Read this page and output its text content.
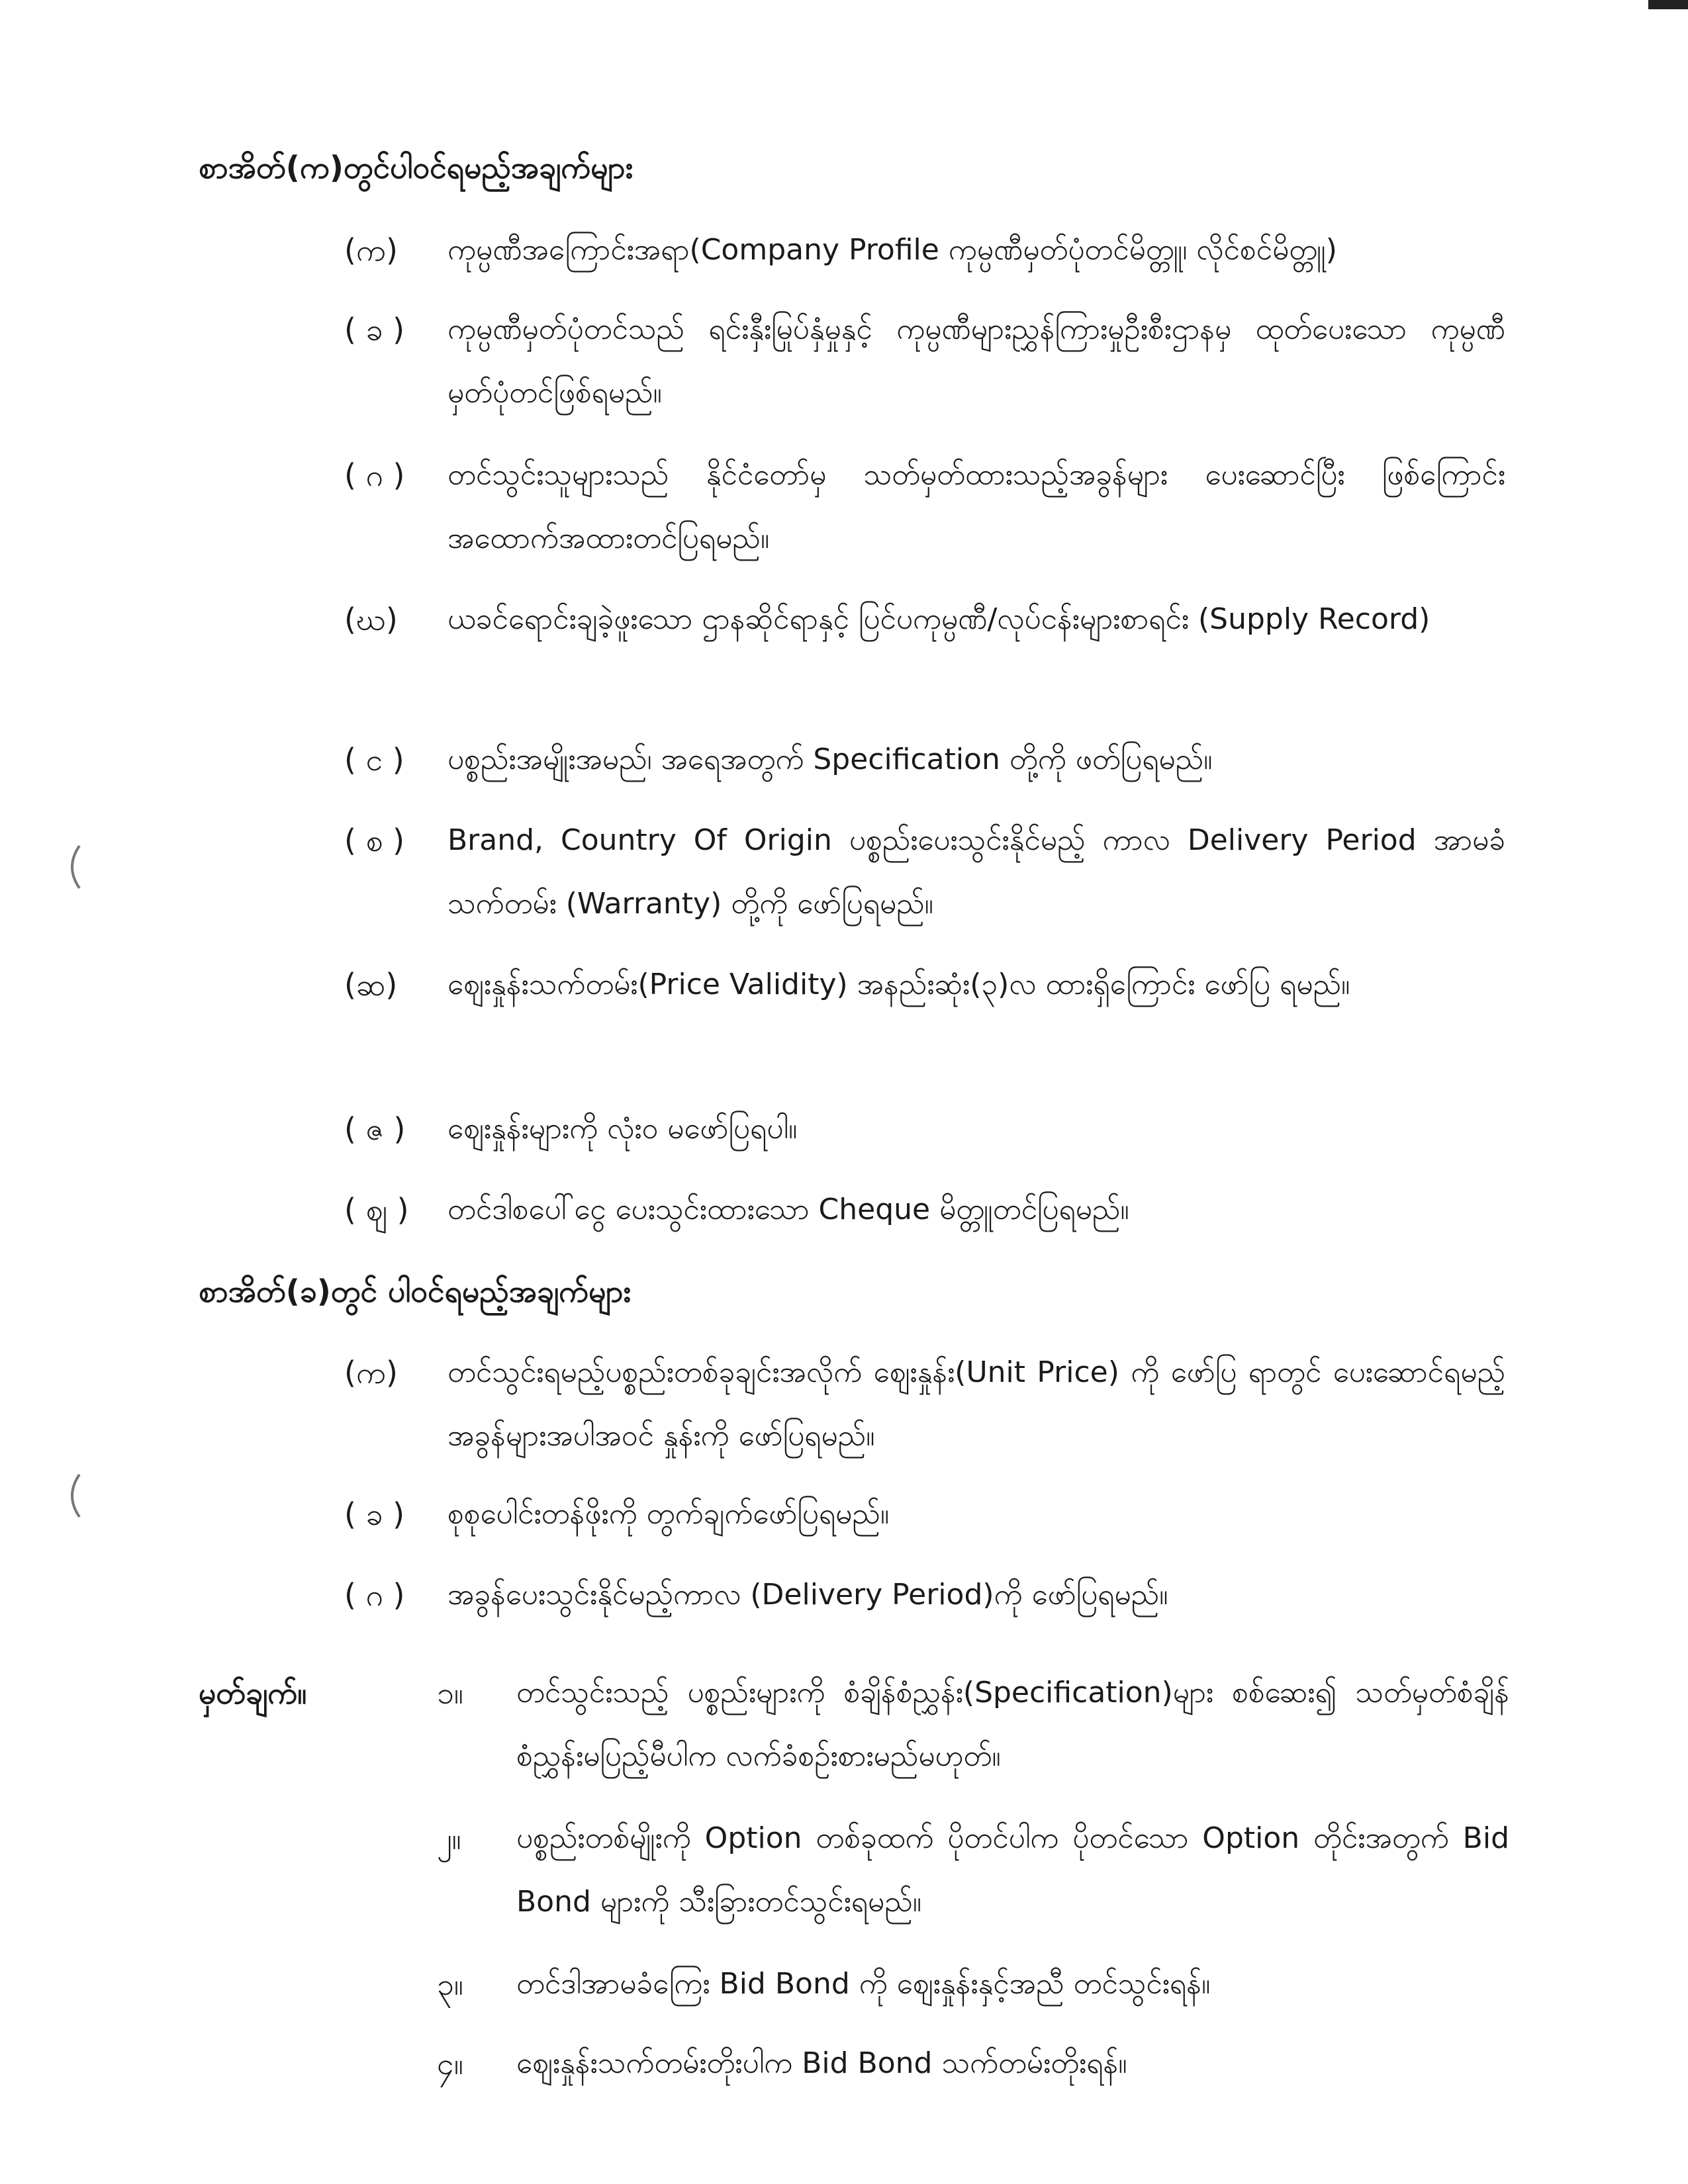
စာအိတ်(က)တွင်ပါဝင်ရမည့်အချက်များ
(က)	ကုမ္ပဏီအကြောင်းအရာ(Company Profile ကုမ္ပဏီမှတ်ပုံတင်မိတ္တူ၊ လိုင်စင်မိတ္တူ)
( ခ )	ကုမ္ပဏီမှတ်ပုံတင်သည် ရင်းနှီးမြုပ်နှံမှုနှင့် ကုမ္ပဏီများညွှန်ကြားမှုဦးစီးဌာနမှ ထုတ်ပေးသော ကုမ္ပဏီမှတ်ပုံတင်ဖြစ်ရမည်။
( ဂ )	တင်သွင်းသူများသည် နိုင်ငံတော်မှ သတ်မှတ်ထားသည့်အခွန်များ ပေးဆောင်ပြီး ဖြစ်ကြောင်း အထောက်အထားတင်ပြရမည်။
(ဃ)	ယခင်ရောင်းချခဲ့ဖူးသော ဌာနဆိုင်ရာနှင့် ပြင်ပကုမ္ပဏီ/လုပ်ငန်းများစာရင်း (Supply Record)
( င )	ပစ္စည်းအမျိုးအမည်၊ အရေအတွက် Specification တို့ကို ဖတ်ပြရမည်။
( စ )	Brand, Country Of Origin ပစ္စည်းပေးသွင်းနိုင်မည့် ကာလ Delivery Period အာမခံသက်တမ်း (Warranty) တို့ကို ဖော်ပြရမည်။
(ဆ)	ဈေးနှုန်းသက်တမ်း(Price Validity) အနည်းဆုံး(၃)လ ထားရှိကြောင်း ဖော်ပြ ရမည်။
( ဇ )	ဈေးနှုန်းများကို လုံးဝ မဖော်ပြရပါ။
( ဈ )	တင်ဒါစပေါ်ငွေ ပေးသွင်းထားသော Cheque မိတ္တူတင်ပြရမည်။
စာအိတ်(ခ)တွင် ပါဝင်ရမည့်အချက်များ
(က)	တင်သွင်းရမည့်ပစ္စည်းတစ်ခုချင်းအလိုက် ဈေးနှုန်း(Unit Price) ကို ဖော်ပြ ရာတွင် ပေးဆောင်ရမည့်အခွန်များအပါအဝင် နှုန်းကို ဖော်ပြရမည်။
( ခ )	စုစုပေါင်းတန်ဖိုးကို တွက်ချက်ဖော်ပြရမည်။
( ဂ )	အခွန်ပေးသွင်းနိုင်မည့်ကာလ (Delivery Period)ကို ဖော်ပြရမည်။
မှတ်ချက်။	၁။	တင်သွင်းသည့် ပစ္စည်းများကို စံချိန်စံညွှန်း(Specification)များ စစ်ဆေး၍ သတ်မှတ်စံချိန်စံညွှန်းမပြည့်မီပါက လက်ခံစဉ်းစားမည်မဟုတ်။
၂။	ပစ္စည်းတစ်မျိုးကို Option တစ်ခုထက် ပိုတင်ပါက ပိုတင်သော Option တိုင်းအတွက် Bid Bond များကို သီးခြားတင်သွင်းရမည်။
၃။	တင်ဒါအာမခံကြေး Bid Bond ကို ဈေးနှုန်းနှင့်အညီ တင်သွင်းရန်။
၄။	ဈေးနှုန်းသက်တမ်းတိုးပါက Bid Bond သက်တမ်းတိုးရန်။
